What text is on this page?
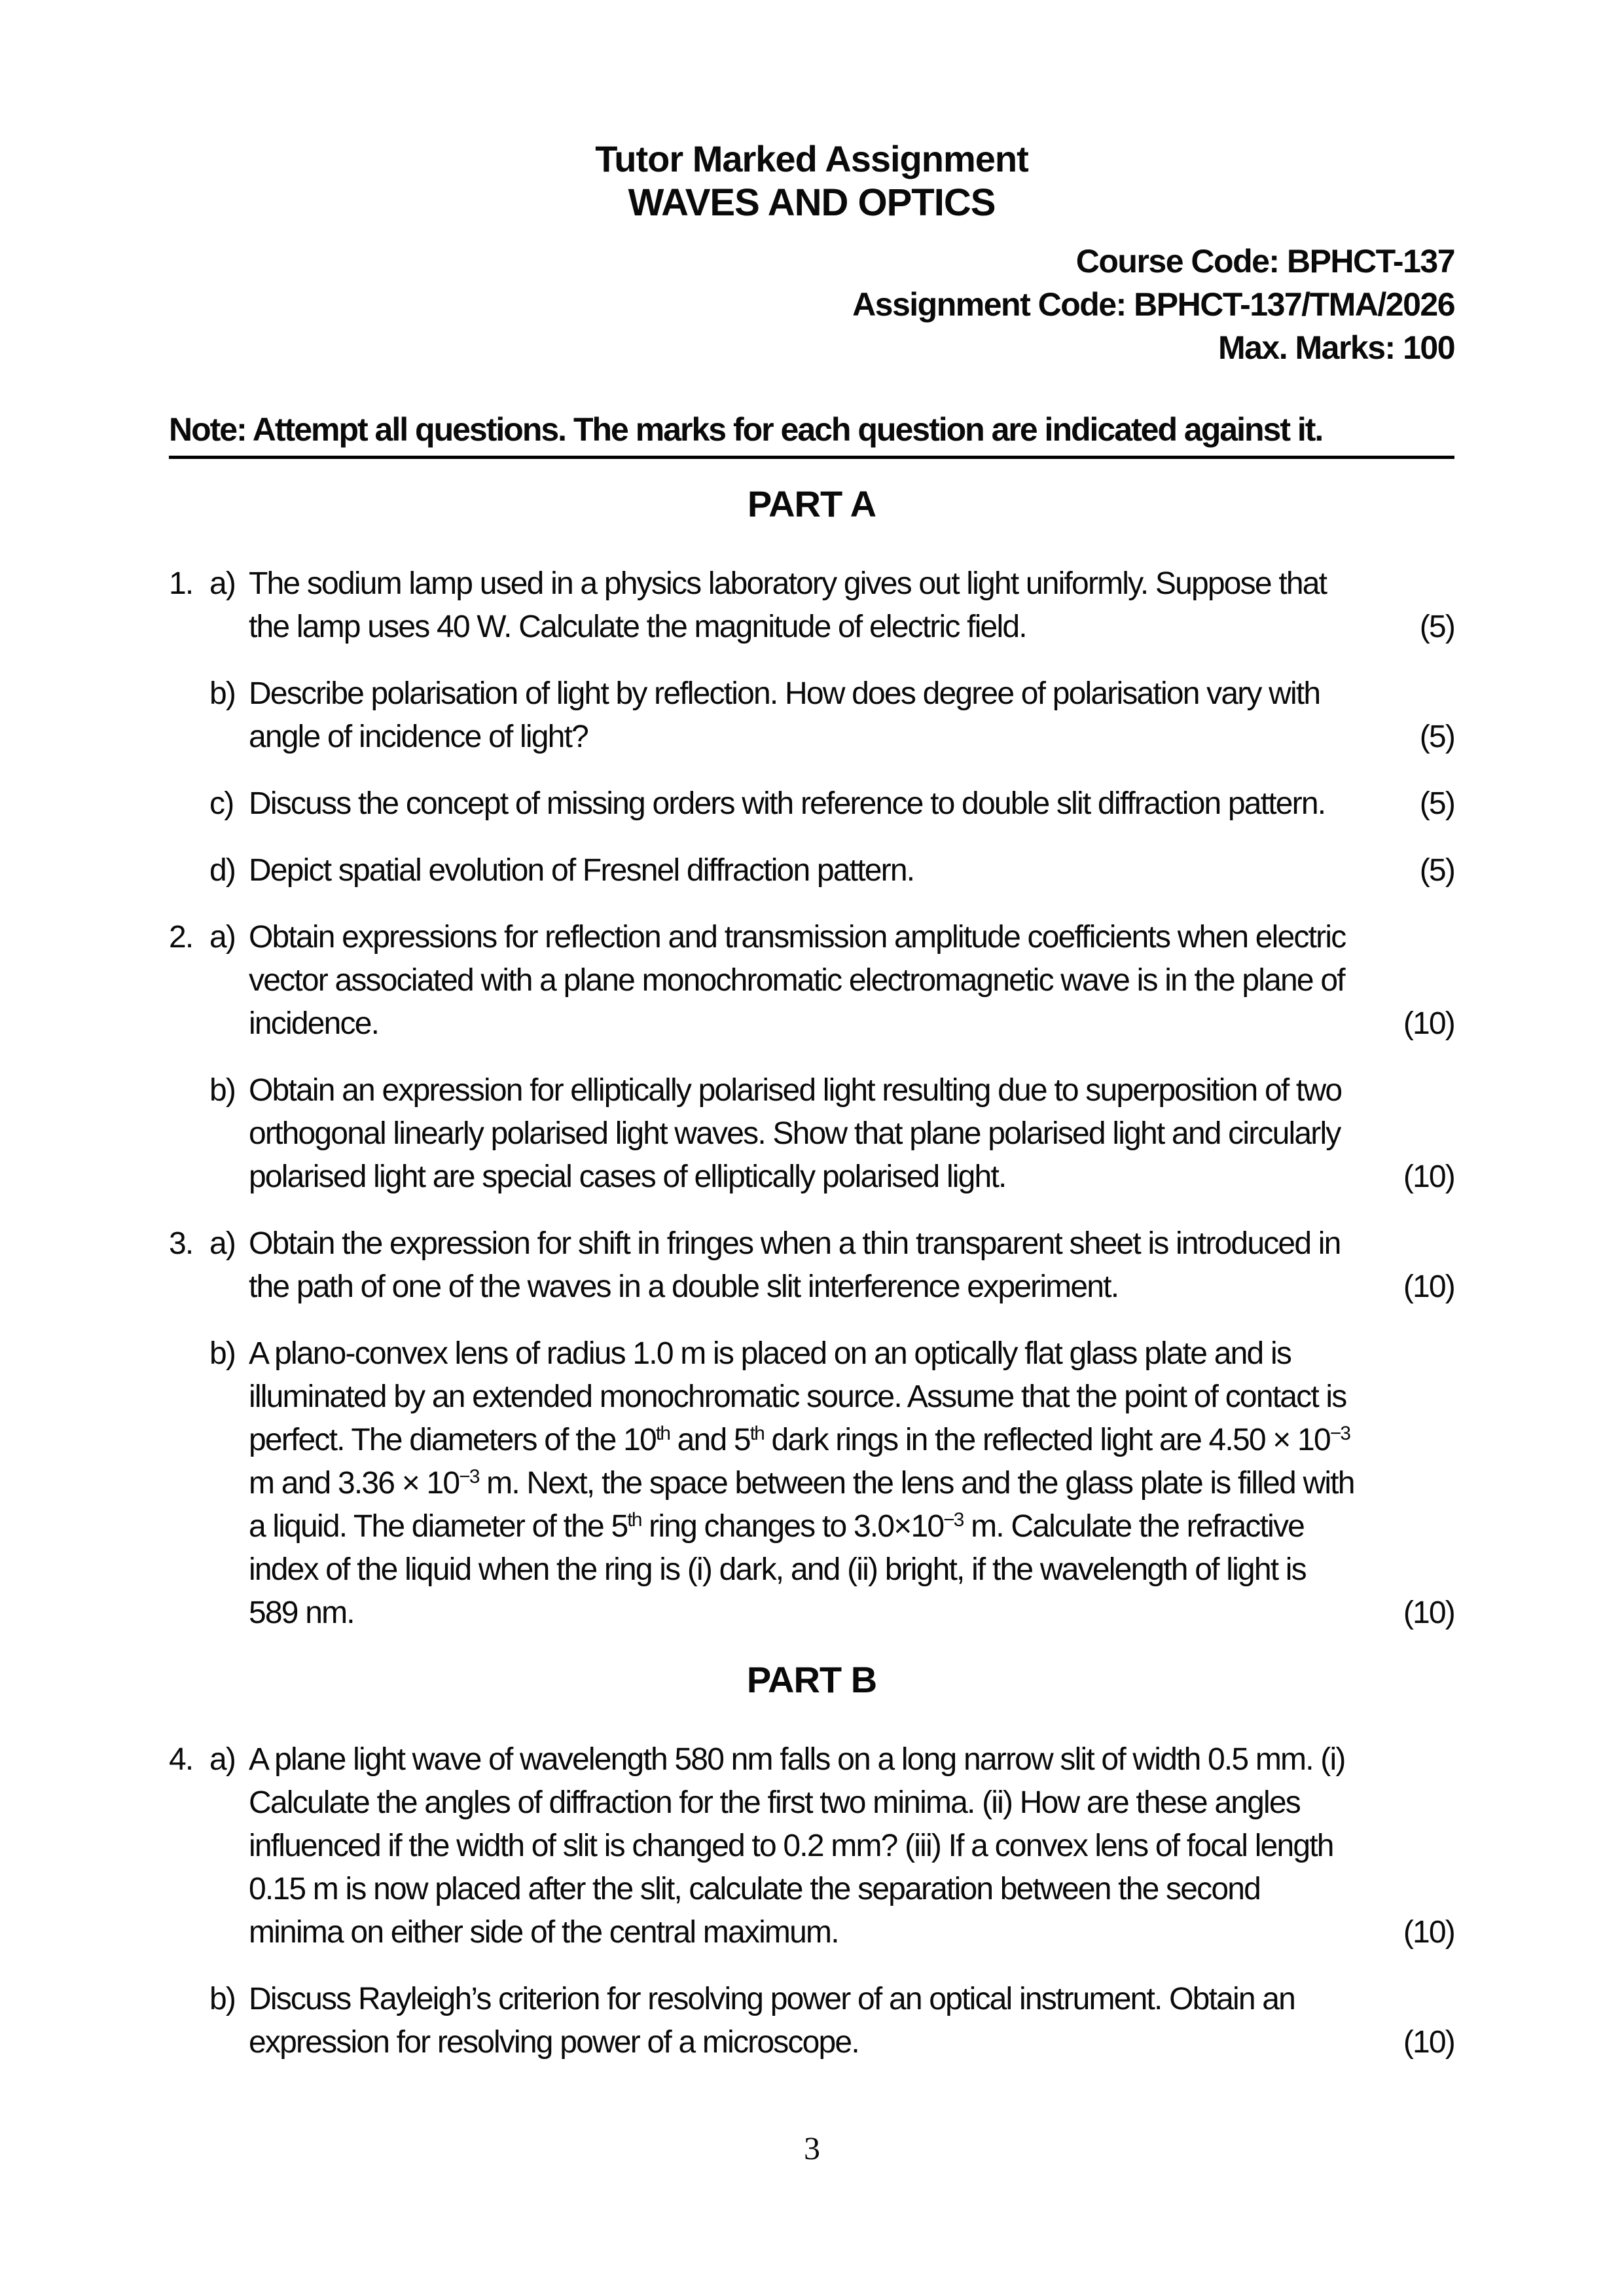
Tutor Marked Assignment
WAVES AND OPTICS
Course Code: BPHCT-137
Assignment Code: BPHCT-137/TMA/2026
Max. Marks: 100
Note: Attempt all questions. The marks for each question are indicated against it.
PART A
1. a) The sodium lamp used in a physics laboratory gives out light uniformly. Suppose that the lamp uses 40 W. Calculate the magnitude of electric field.	(5)
b) Describe polarisation of light by reflection. How does degree of polarisation vary with angle of incidence of light?	(5)
c) Discuss the concept of missing orders with reference to double slit diffraction pattern.	(5)
d) Depict spatial evolution of Fresnel diffraction pattern.	(5)
2. a) Obtain expressions for reflection and transmission amplitude coefficients when electric vector associated with a plane monochromatic electromagnetic wave is in the plane of incidence.	(10)
b) Obtain an expression for elliptically polarised light resulting due to superposition of two orthogonal linearly polarised light waves. Show that plane polarised light and circularly polarised light are special cases of elliptically polarised light.	(10)
3. a) Obtain the expression for shift in fringes when a thin transparent sheet is introduced in the path of one of the waves in a double slit interference experiment.	(10)
b) A plano-convex lens of radius 1.0 m is placed on an optically flat glass plate and is illuminated by an extended monochromatic source. Assume that the point of contact is perfect. The diameters of the 10th and 5th dark rings in the reflected light are $4.50 \times 10^{-3}$ m and $3.36 \times 10^{-3}$ m. Next, the space between the lens and the glass plate is filled with a liquid. The diameter of the 5th ring changes to $3.0\times 10^{-3}$ m. Calculate the refractive index of the liquid when the ring is (i) dark, and (ii) bright, if the wavelength of light is 589 nm.	(10)
PART B
4. a) A plane light wave of wavelength 580 nm falls on a long narrow slit of width 0.5 mm. (i) Calculate the angles of diffraction for the first two minima. (ii) How are these angles influenced if the width of slit is changed to 0.2 mm? (iii) If a convex lens of focal length 0.15 m is now placed after the slit, calculate the separation between the second minima on either side of the central maximum.	(10)
b) Discuss Rayleigh’s criterion for resolving power of an optical instrument. Obtain an expression for resolving power of a microscope.	(10)
3
